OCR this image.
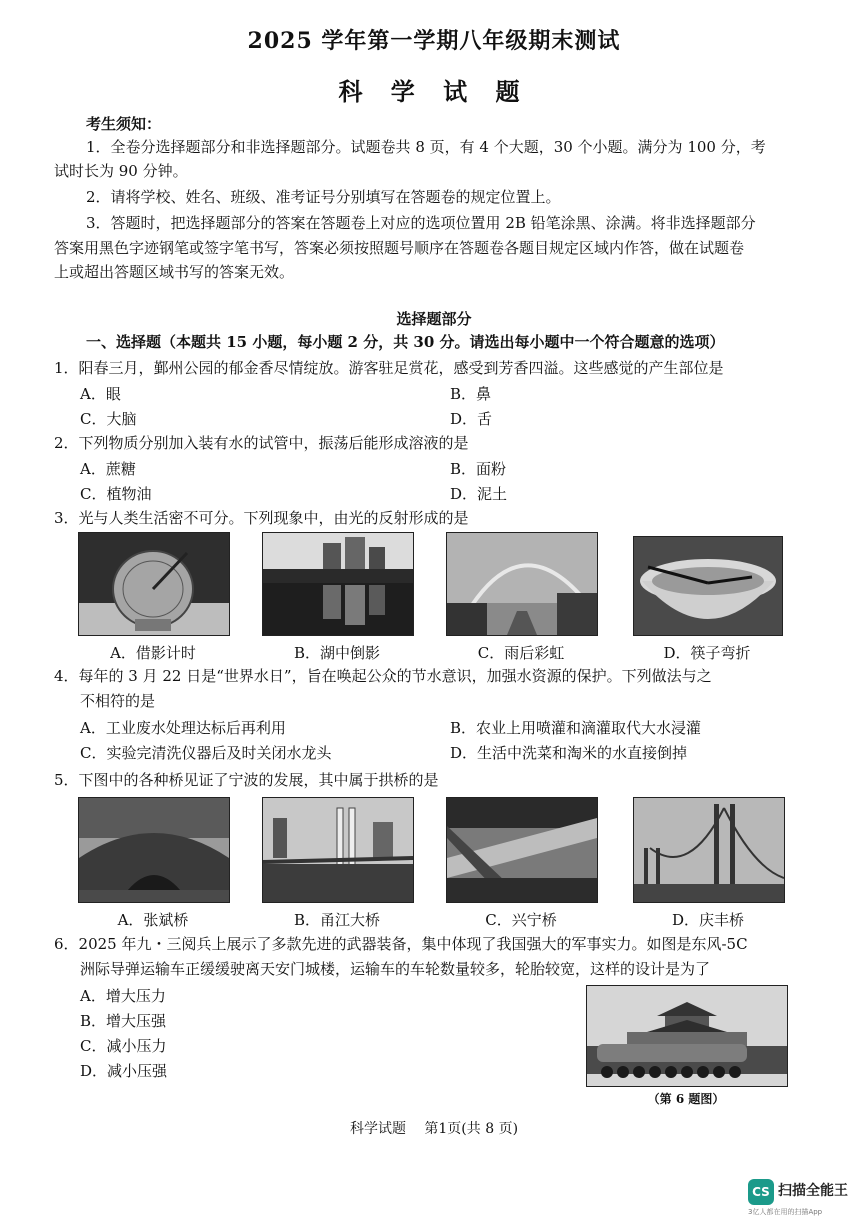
2025 学年第一学期八年级期末测试
科 学 试 题
考生须知：
1．全卷分选择题部分和非选择题部分。试题卷共 8 页，有 4 个大题，30 个小题。满分为 100 分，考
试时长为 90 分钟。
2．请将学校、姓名、班级、准考证号分别填写在答题卷的规定位置上。
3．答题时，把选择题部分的答案在答题卷上对应的选项位置用 2B 铅笔涂黑、涂满。将非选择题部分
答案用黑色字迹钢笔或签字笔书写，答案必须按照题号顺序在答题卷各题目规定区域内作答，做在试题卷
上或超出答题区域书写的答案无效。
选择题部分
一、选择题（本题共 15 小题，每小题 2 分，共 30 分。请选出每小题中一个符合题意的选项）
1．阳春三月，鄞州公园的郁金香尽情绽放。游客驻足赏花，感受到芳香四溢。这些感觉的产生部位是
A．眼	B．鼻
C．大脑	D．舌
2．下列物质分别加入装有水的试管中，振荡后能形成溶液的是
A．蔗糖	B．面粉
C．植物油	D．泥土
3．光与人类生活密不可分。下列现象中，由光的反射形成的是
A．借影计时	B．湖中倒影	C．雨后彩虹	D．筷子弯折
4．每年的 3 月 22 日是“世界水日”，旨在唤起公众的节水意识，加强水资源的保护。下列做法与之
不相符的是
A．工业废水处理达标后再利用	B．农业上用喷灌和滴灌取代大水浸灌
C．实验完清洗仪器后及时关闭水龙头	D．生活中洗菜和淘米的水直接倒掉
5．下图中的各种桥见证了宁波的发展，其中属于拱桥的是
A．张斌桥	B．甬江大桥	C．兴宁桥	D．庆丰桥
6．2025 年九・三阅兵上展示了多款先进的武器装备，集中体现了我国强大的军事实力。如图是东风-5C
洲际导弹运输车正缓缓驶离天安门城楼，运输车的车轮数量较多，轮胎较宽，这样的设计是为了
A．增大压力
B．增大压强
C．减小压力
D．减小压强
（第 6 题图）
科学试题　 第1页(共 8 页)
CS 扫描全能王
3亿人都在用的扫描App
